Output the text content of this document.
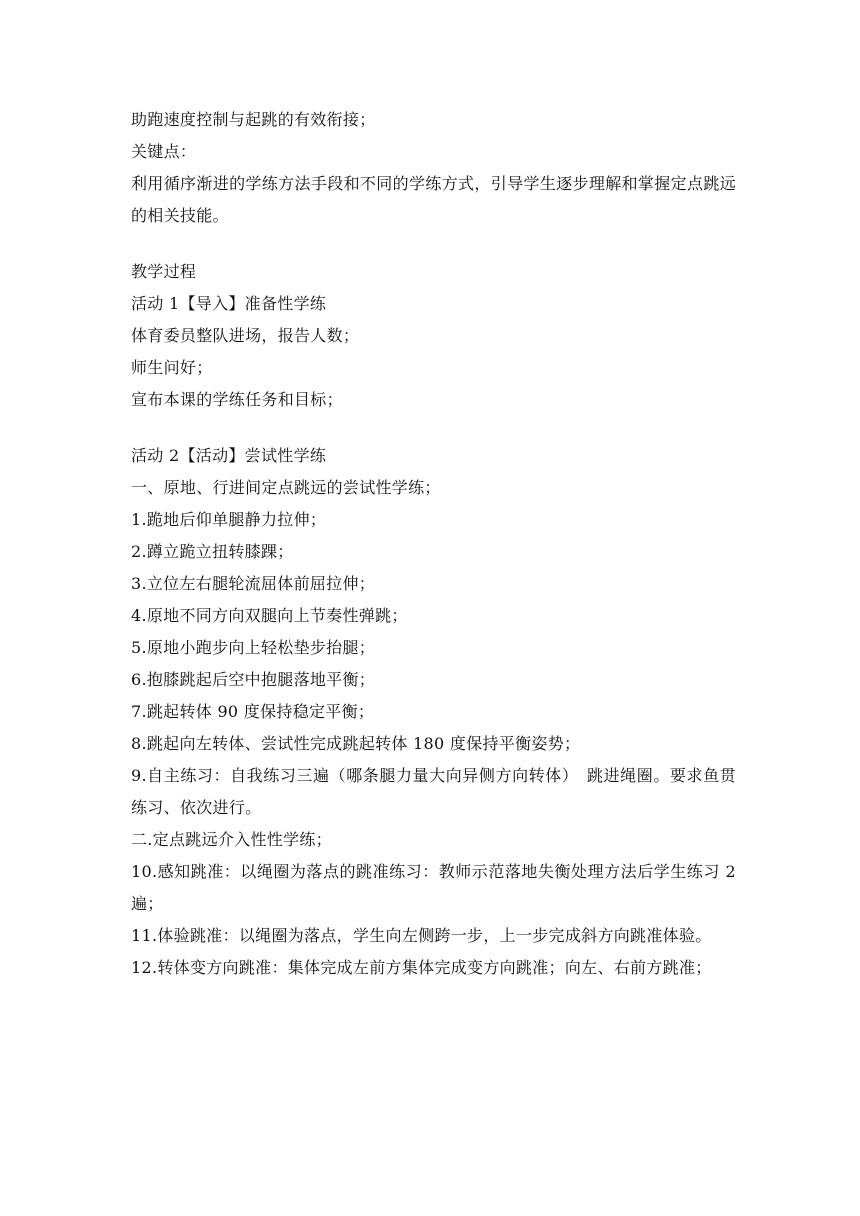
助跑速度控制与起跳的有效衔接；
关键点：
利用循序渐进的学练方法手段和不同的学练方式，引导学生逐步理解和掌握定点跳远的相关技能。
教学过程
活动 1【导入】准备性学练
体育委员整队进场，报告人数；
师生问好；
宣布本课的学练任务和目标；
活动 2【活动】尝试性学练
一、原地、行进间定点跳远的尝试性学练；
1.跪地后仰单腿静力拉伸；
2.蹲立跪立扭转膝踝；
3.立位左右腿轮流屈体前屈拉伸；
4.原地不同方向双腿向上节奏性弹跳；
5.原地小跑步向上轻松垫步抬腿；
6.抱膝跳起后空中抱腿落地平衡；
7.跳起转体 90 度保持稳定平衡；
8.跳起向左转体、尝试性完成跳起转体 180 度保持平衡姿势；
9.自主练习：自我练习三遍（哪条腿力量大向异侧方向转体）　跳进绳圈。要求鱼贯练习、依次进行。
二.定点跳远介入性性学练；
10.感知跳准：以绳圈为落点的跳准练习：教师示范落地失衡处理方法后学生练习 2 遍；
11.体验跳准：以绳圈为落点，学生向左侧跨一步，上一步完成斜方向跳准体验。
12.转体变方向跳准：集体完成左前方集体完成变方向跳准；向左、右前方跳准；
